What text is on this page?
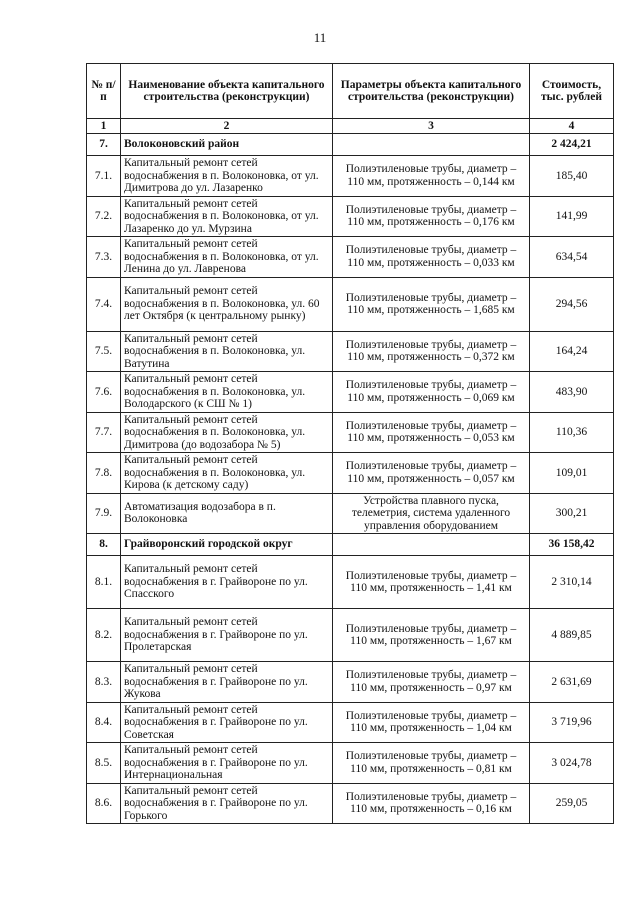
11
№ п/п	Наименование объекта капитального строительства (реконструкции)	Параметры объекта капитального строительства (реконструкции)	Стоимость, тыс. рублей
1	2	3	4
7.	Волоконовский район		2 424,21
7.1.	Капитальный ремонт сетей водоснабжения в п. Волоконовка, от ул. Димитрова до ул. Лазаренко	Полиэтиленовые трубы, диаметр – 110 мм, протяженность – 0,144 км	185,40
7.2.	Капитальный ремонт сетей водоснабжения в п. Волоконовка, от ул. Лазаренко до ул. Мурзина	Полиэтиленовые трубы, диаметр – 110 мм, протяженность – 0,176 км	141,99
7.3.	Капитальный ремонт сетей водоснабжения в п. Волоконовка, от ул. Ленина до ул. Лавренова	Полиэтиленовые трубы, диаметр – 110 мм, протяженность – 0,033 км	634,54
7.4.	Капитальный ремонт сетей водоснабжения в п. Волоконовка, ул. 60 лет Октября (к центральному рынку)	Полиэтиленовые трубы, диаметр – 110 мм, протяженность – 1,685 км	294,56
7.5.	Капитальный ремонт сетей водоснабжения в п. Волоконовка, ул. Ватутина	Полиэтиленовые трубы, диаметр – 110 мм, протяженность – 0,372 км	164,24
7.6.	Капитальный ремонт сетей водоснабжения в п. Волоконовка, ул. Володарского (к СШ № 1)	Полиэтиленовые трубы, диаметр – 110 мм, протяженность – 0,069 км	483,90
7.7.	Капитальный ремонт сетей водоснабжения в п. Волоконовка, ул. Димитрова (до водозабора № 5)	Полиэтиленовые трубы, диаметр – 110 мм, протяженность – 0,053 км	110,36
7.8.	Капитальный ремонт сетей водоснабжения в п. Волоконовка, ул. Кирова (к детскому саду)	Полиэтиленовые трубы, диаметр – 110 мм, протяженность – 0,057 км	109,01
7.9.	Автоматизация водозабора в п. Волоконовка	Устройства плавного пуска, телеметрия, система удаленного управления оборудованием	300,21
8.	Грайворонский городской округ		36 158,42
8.1.	Капитальный ремонт сетей водоснабжения в г. Грайвороне по ул. Спасского	Полиэтиленовые трубы, диаметр – 110 мм, протяженность – 1,41 км	2 310,14
8.2.	Капитальный ремонт сетей водоснабжения в г. Грайвороне по ул. Пролетарская	Полиэтиленовые трубы, диаметр – 110 мм, протяженность – 1,67 км	4 889,85
8.3.	Капитальный ремонт сетей водоснабжения в г. Грайвороне по ул. Жукова	Полиэтиленовые трубы, диаметр – 110 мм, протяженность – 0,97 км	2 631,69
8.4.	Капитальный ремонт сетей водоснабжения в г. Грайвороне по ул. Советская	Полиэтиленовые трубы, диаметр – 110 мм, протяженность – 1,04 км	3 719,96
8.5.	Капитальный ремонт сетей водоснабжения в г. Грайвороне по ул. Интернациональная	Полиэтиленовые трубы, диаметр – 110 мм, протяженность – 0,81 км	3 024,78
8.6.	Капитальный ремонт сетей водоснабжения в г. Грайвороне по ул. Горького	Полиэтиленовые трубы, диаметр – 110 мм, протяженность – 0,16 км	259,05
